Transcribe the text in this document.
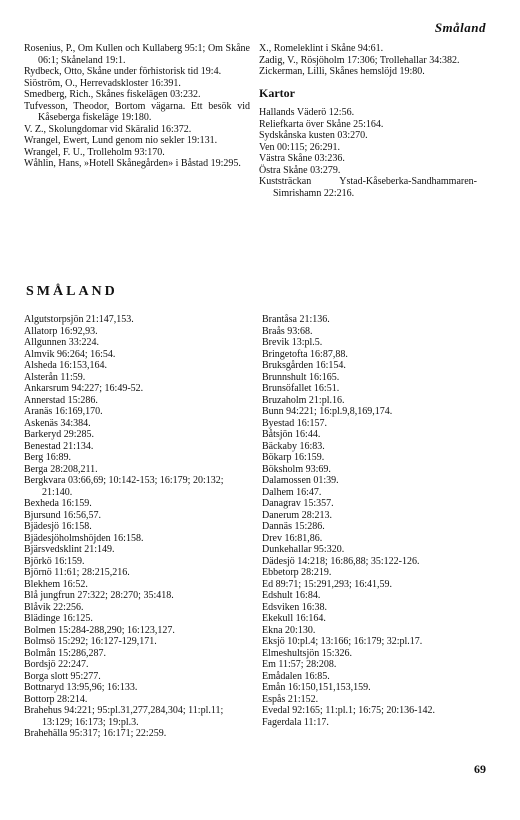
Småland
Rosenius, P., Om Kullen och Kullaberg 95:1; Om Skåne 06:1; Skåneland 19:1.
Rydbeck, Otto, Skåne under förhistorisk tid 19:4.
Siöström, O., Herrevadskloster 16:391.
Smedberg, Rich., Skånes fiskelägen 03:232.
Tufvesson, Theodor, Bortom vägarna. Ett besök vid Kåseberga fiskeläge 19:180.
V. Z., Skolungdomar vid Skäralid 16:372.
Wrangel, Ewert, Lund genom nio sekler 19:131.
Wrangel, F. U., Trolleholm 93:170.
Wåhlin, Hans, »Hotell Skånegården» i Båstad 19:295.
X., Romeleklint i Skåne 94:61.
Zadig, V., Rösjöholm 17:306; Trollehallar 34:382.
Zickerman, Lilli, Skånes hemslöjd 19:80.
Kartor
Hallands Väderö 12:56.
Reliefkarta över Skåne 25:164.
Sydskånska kusten 03:270.
Ven 00:115; 26:291.
Västra Skåne 03:236.
Östra Skåne 03:279.
Kuststräckan Ystad-Kåseberka-Sandhammaren-Simrishamn 22:216.
SMÅLAND
Algutstorpsjön 21:147,153.
Allatorp 16:92,93.
Allgunnen 33:224.
Almvik 96:264; 16:54.
Alsheda 16:153,164.
Alsterån 11:59.
Ankarsrum 94:227; 16:49-52.
Annerstad 15:286.
Aranäs 16:169,170.
Askenäs 34:384.
Barkeryd 29:285.
Benestad 21:134.
Berg 16:89.
Berga 28:208,211.
Bergkvara 03:66,69; 10:142-153; 16:179; 20:132; 21:140.
Bexheda 16:159.
Bjursund 16:56,57.
Bjädesjö 16:158.
Bjädesjöholmshöjden 16:158.
Bjärsvedsklint 21:149.
Björkö 16:159.
Björnö 11:61; 28:215,216.
Blekhem 16:52.
Blå jungfrun 27:322; 28:270; 35:418.
Blåvik 22:256.
Blädinge 16:125.
Bolmen 15:284-288,290; 16:123,127.
Bolmsö 15:292; 16:127-129,171.
Bolmån 15:286,287.
Bordsjö 22:247.
Borga slott 95:277.
Bottnaryd 13:95,96; 16:133.
Bottorp 28:214.
Brahehus 94:221; 95:pl.31,277,284,304; 11:pl.11; 13:129; 16:173; 19:pl.3.
Brahehälla 95:317; 16:171; 22:259.
Brantåsa 21:136.
Braås 93:68.
Brevik 13:pl.5.
Bringetofta 16:87,88.
Bruksgården 16:154.
Brunnshult 16:165.
Brunsöfallet 16:51.
Bruzaholm 21:pl.16.
Bunn 94:221; 16:pl.9,8,169,174.
Byestad 16:157.
Båtsjön 16:44.
Bäckaby 16:83.
Bökarp 16:159.
Böksholm 93:69.
Dalamossen 01:39.
Dalhem 16:47.
Danagrav 15:357.
Danerum 28:213.
Dannäs 15:286.
Drev 16:81,86.
Dunkehallar 95:320.
Dädesjö 14:218; 16:86,88; 35:122-126.
Ebbetorp 28:219.
Ed 89:71; 15:291,293; 16:41,59.
Edshult 16:84.
Edsviken 16:38.
Ekekull 16:164.
Ekna 20:130.
Eksjö 10:pl.4; 13:166; 16:179; 32:pl.17.
Elmeshultsjön 15:326.
Em 11:57; 28:208.
Emådalen 16:85.
Emån 16:150,151,153,159.
Espås 21:152.
Evedal 92:165; 11:pl.1; 16:75; 20:136-142.
Fagerdala 11:17.
69
